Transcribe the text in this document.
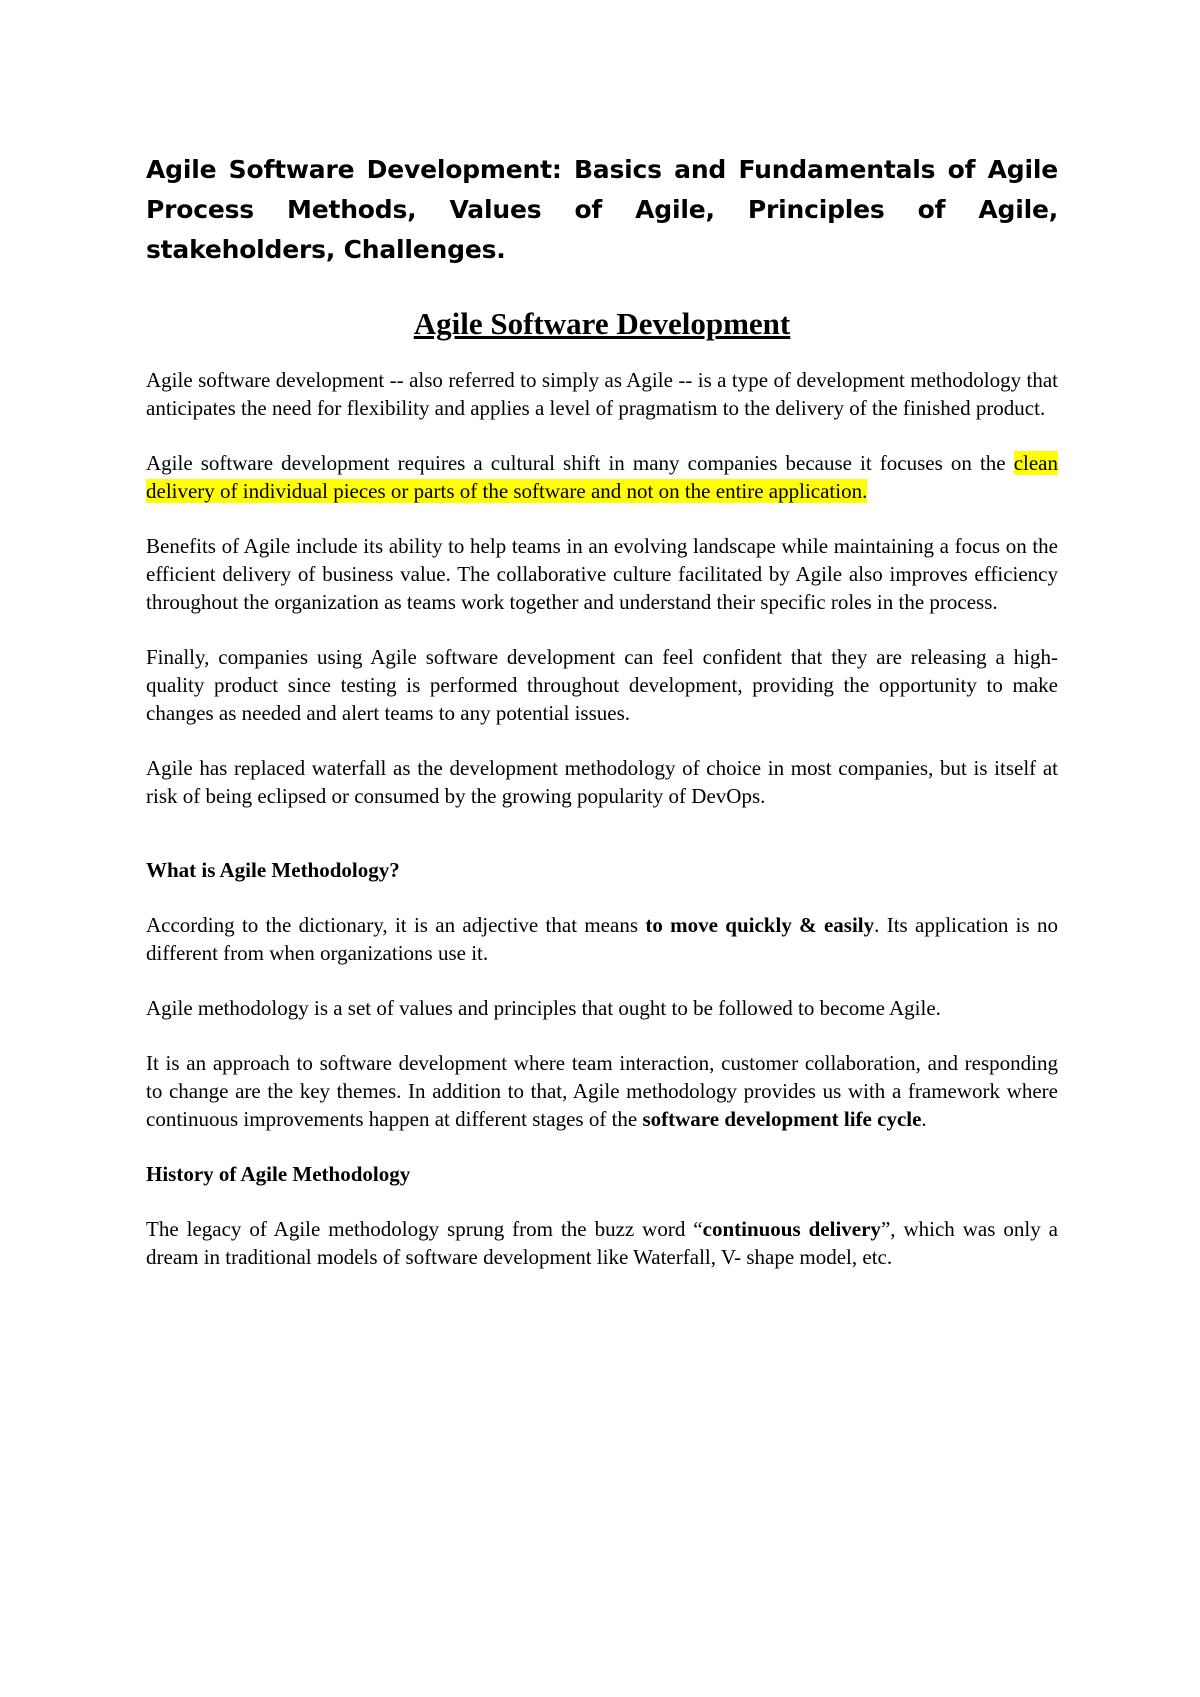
Agile Software Development: Basics and Fundamentals of Agile Process Methods, Values of Agile, Principles of Agile, stakeholders, Challenges.
Agile Software Development

Agile software development -- also referred to simply as Agile -- is a type of development methodology that anticipates the need for flexibility and applies a level of pragmatism to the delivery of the finished product.

Agile software development requires a cultural shift in many companies because it focuses on the clean delivery of individual pieces or parts of the software and not on the entire application.

Benefits of Agile include its ability to help teams in an evolving landscape while maintaining a focus on the efficient delivery of business value. The collaborative culture facilitated by Agile also improves efficiency throughout the organization as teams work together and understand their specific roles in the process.

Finally, companies using Agile software development can feel confident that they are releasing a high-quality product since testing is performed throughout development, providing the opportunity to make changes as needed and alert teams to any potential issues.

Agile has replaced waterfall as the development methodology of choice in most companies, but is itself at risk of being eclipsed or consumed by the growing popularity of DevOps.

What is Agile Methodology?

According to the dictionary, it is an adjective that means to move quickly & easily. Its application is no different from when organizations use it.

Agile methodology is a set of values and principles that ought to be followed to become Agile.

It is an approach to software development where team interaction, customer collaboration, and responding to change are the key themes. In addition to that, Agile methodology provides us with a framework where continuous improvements happen at different stages of the software development life cycle.

History of Agile Methodology

The legacy of Agile methodology sprung from the buzz word “continuous delivery”, which was only a dream in traditional models of software development like Waterfall, V- shape model, etc.
